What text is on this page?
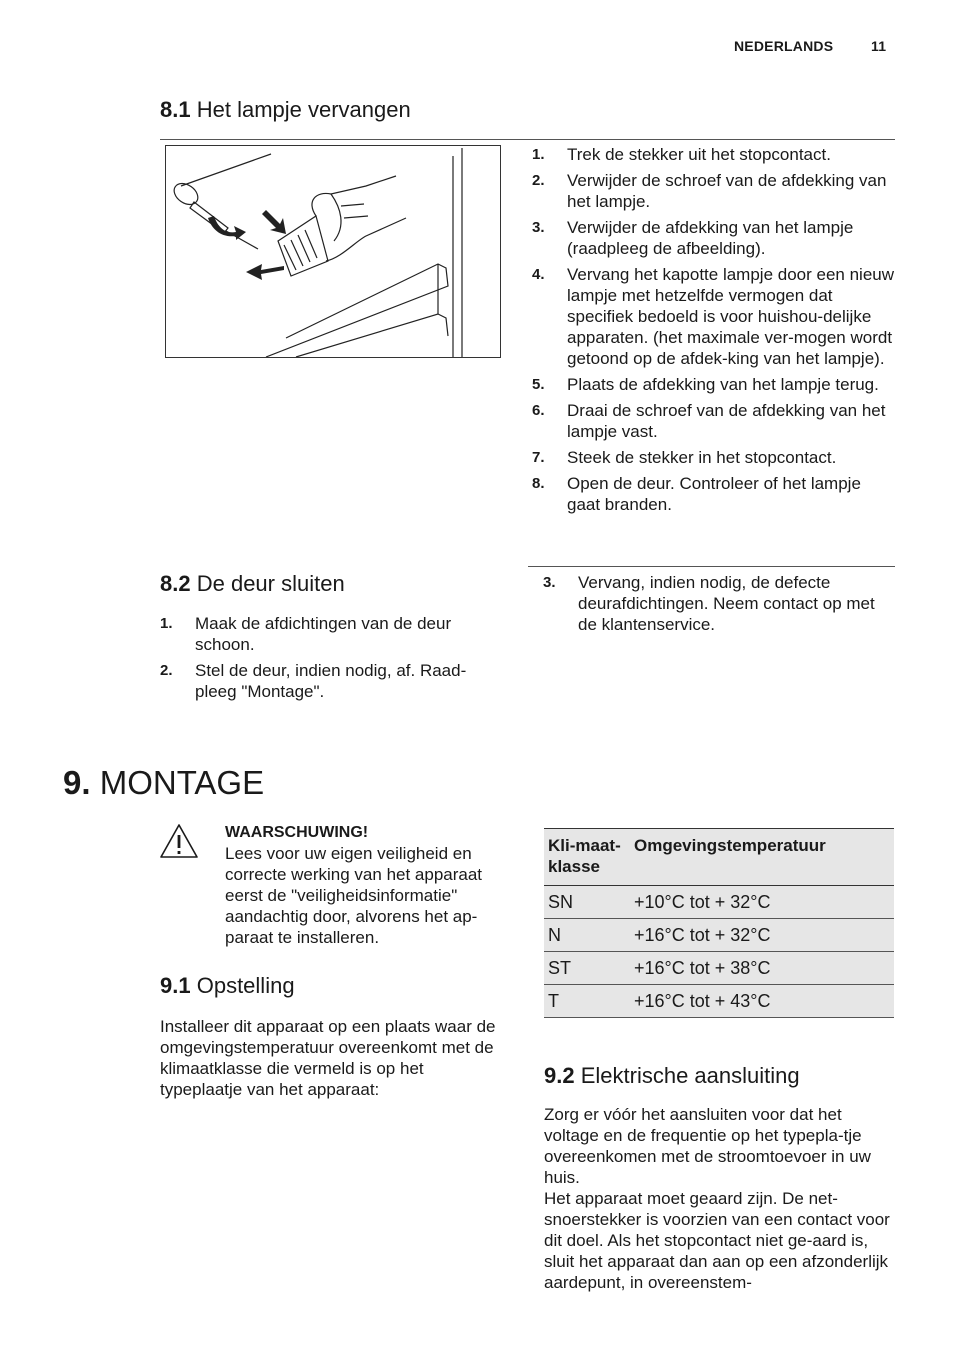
NEDERLANDS	11
8.1 Het lampje vervangen
1. Trek de stekker uit het stopcontact.
2. Verwijder de schroef van de afdekking van het lampje.
3. Verwijder de afdekking van het lampje (raadpleeg de afbeelding).
4. Vervang het kapotte lampje door een nieuw lampje met hetzelfde vermogen dat specifiek bedoeld is voor huishou-delijke apparaten. (het maximale ver-mogen wordt getoond op de afdek-king van het lampje).
5. Plaats de afdekking van het lampje terug.
6. Draai de schroef van de afdekking van het lampje vast.
7. Steek de stekker in het stopcontact.
8. Open de deur. Controleer of het lampje gaat branden.
8.2 De deur sluiten
1. Maak de afdichtingen van de deur schoon.
2. Stel de deur, indien nodig, af. Raad-pleeg "Montage".
3. Vervang, indien nodig, de defecte deurafdichtingen. Neem contact op met de klantenservice.
9. MONTAGE
WAARSCHUWING!
Lees voor uw eigen veiligheid en correcte werking van het apparaat eerst de "veiligheidsinformatie" aandachtig door, alvorens het ap-paraat te installeren.
9.1 Opstelling

Installeer dit apparaat op een plaats waar de omgevingstemperatuur overeenkomt met de klimaatklasse die vermeld is op het typeplaatje van het apparaat:

Kli-maat-klasse	Omgevingstemperatuur
SN	+10°C tot + 32°C
N	+16°C tot + 32°C
ST	+16°C tot + 38°C
T	+16°C tot + 43°C
9.2 Elektrische aansluiting

Zorg er vóór het aansluiten voor dat het voltage en de frequentie op het typepla-tje overeenkomen met de stroomtoevoer in uw huis.

Het apparaat moet geaard zijn. De net-snoerstekker is voorzien van een contact voor dit doel. Als het stopcontact niet ge-aard is, sluit het apparaat dan aan op een afzonderlijk aardepunt, in overeenstem-
